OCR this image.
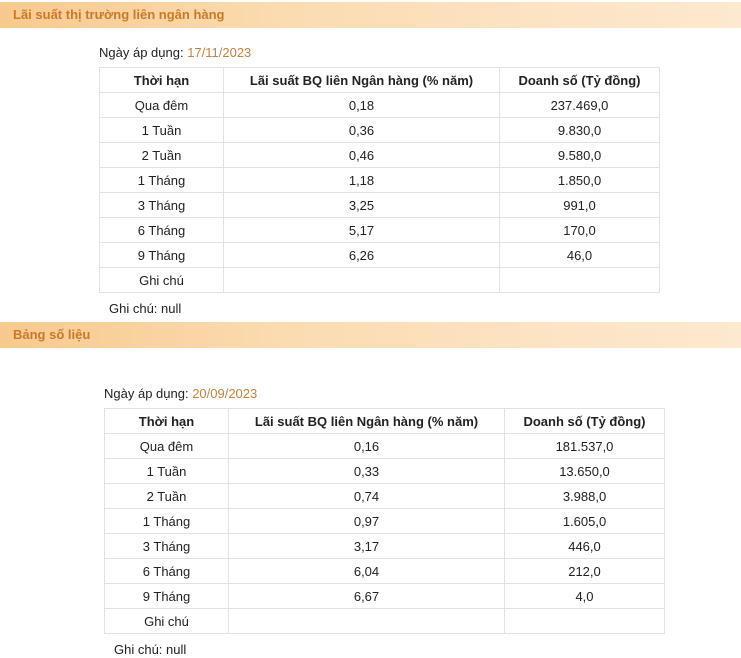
Lãi suất thị trường liên ngân hàng
Ngày áp dụng: 17/11/2023
Thời hạn	Lãi suất BQ liên Ngân hàng (% năm)	Doanh số (Tỷ đồng)
Qua đêm	0,18	237.469,0
1 Tuần	0,36	9.830,0
2 Tuần	0,46	9.580,0
1 Tháng	1,18	1.850,0
3 Tháng	3,25	991,0
6 Tháng	5,17	170,0
9 Tháng	6,26	46,0
Ghi chú		
Ghi chú: null
Bảng số liệu
Ngày áp dụng: 20/09/2023
Thời hạn	Lãi suất BQ liên Ngân hàng (% năm)	Doanh số (Tỷ đồng)
Qua đêm	0,16	181.537,0
1 Tuần	0,33	13.650,0
2 Tuần	0,74	3.988,0
1 Tháng	0,97	1.605,0
3 Tháng	3,17	446,0
6 Tháng	6,04	212,0
9 Tháng	6,67	4,0
Ghi chú		
Ghi chú: null
